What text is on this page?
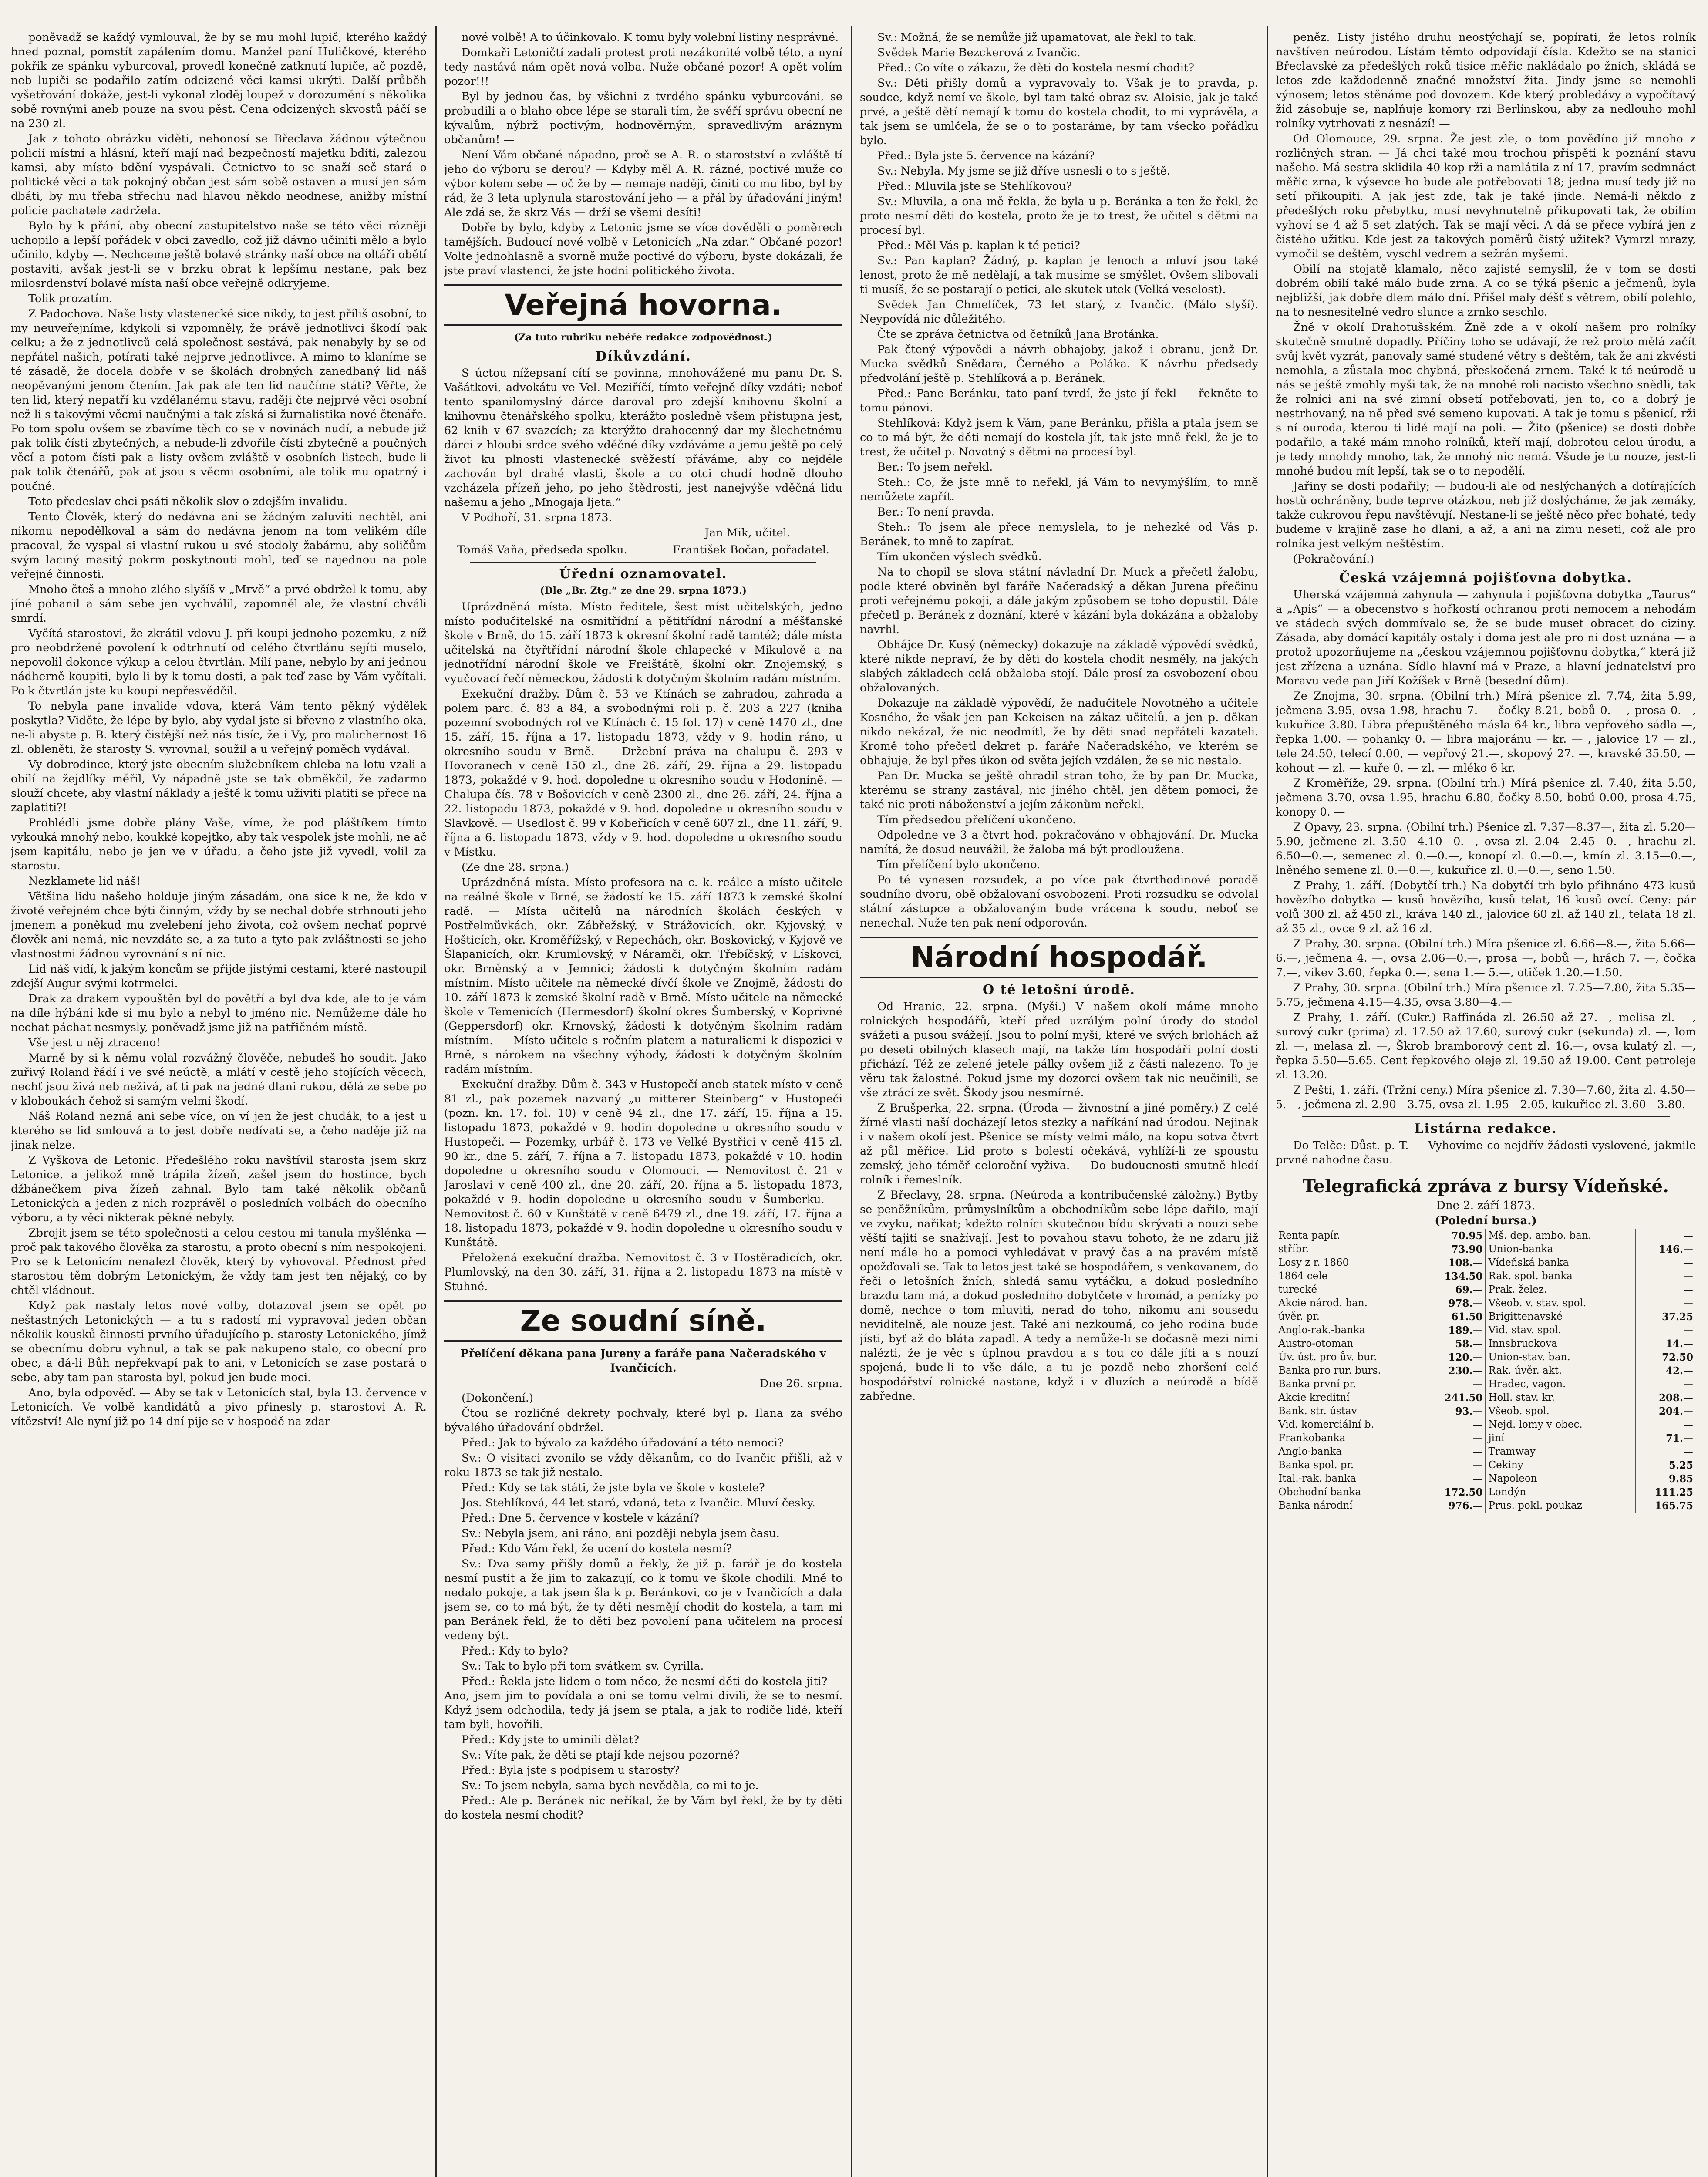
poněvadž se každý vymlouval, že by se mu mohl lupič, kterého každý hned poznal, pomstít zapálením domu. Manžel paní Huličkové, kterého pokřik ze spánku vyburcoval, provedl konečně zatknutí lupiče, ač pozdě, neb lupiči se podařilo zatím odcizené věci kamsi ukrýti. Další průběh vyšetřování dokáže, jest-li vykonal zloděj loupež v dorozumění s několika sobě rovnými aneb pouze na svou pěst. Cena odcizených skvostů páčí se na 230 zl.

Jak z tohoto obrázku viděti, nehonosí se Břeclava žádnou výtečnou policií místní a hlásní, kteří mají nad bezpečností majetku bdíti, zalezou kamsi, aby místo bdění vyspávali. Četnictvo to se snaží seč stará o politické věci a tak pokojný občan jest sám sobě ostaven a musí jen sám dbáti, by mu třeba střechu nad hlavou někdo neodnese, anižby místní policie pachatele zadržela.

Bylo by k přání, aby obecní zastupitelstvo naše se této věci rázněji uchopilo a lepší pořádek v obci zavedlo, což již dávno učiniti mělo a bylo učinilo, kdyby —. Nechceme ještě bolavé stránky naší obce na oltáři obětí postaviti, avšak jest-li se v brzku obrat k lepšímu nestane, pak bez milosrdenství bolavé místa naší obce veřejně odkryjeme.

Tolik prozatím.

Z Padochova. Naše listy vlastenecké sice nikdy, to jest příliš osobní, to my neuveřejníme, kdykoli si vzpomněly, že právě jednotlivci škodí pak celku; a že z jednotlivců celá společnost sestává, pak nenabyly by se od nepřátel našich, potírati také nejprve jednotlivce. A mimo to klaníme se té zásadě, že docela dobře v se školách drobných zanedbaný lid náš neopěvanými jenom čtením. Jak pak ale ten lid naučíme státi? Věřte, že ten lid, který nepatří ku vzdělanému stavu, raději čte nejprvé věci osobní než-li s takovými věcmi naučnými a tak získá si žurnalistika nové čtenáře. Po tom spolu ovšem se zbavíme těch co se v novinách nudí, a nebude již pak tolik čísti zbytečných, a nebude-li zdvořile čísti zbytečně a poučných věcí a potom čísti pak a listy ovšem zvláště v osobních listech, bude-li pak tolik čtenářů, pak ať jsou s věcmi osobními, ale tolik mu opatrný i poučné.

Toto předeslav chci psáti několik slov o zdejším invalidu.

Tento Člověk, který do nedávna ani se žádným zaluviti nechtěl, ani nikomu nepodělkoval a sám do nedávna jenom na tom velikém díle pracoval, že vyspal si vlastní rukou u své stodoly žabárnu, aby soličům svým laciný masitý pokrm poskytnouti mohl, teď se najednou na pole veřejné činnosti.

Mnoho čteš a mnoho zlého slyšíš v „Mrvě“ a prvé obdržel k tomu, aby jíné pohanil a sám sebe jen vychválil, zapomněl ale, že vlastní chváli smrdí.

Vyčítá starostovi, že zkrátil vdovu J. při koupi jednoho pozemku, z níž pro neobdržené povolení k odtrhnutí od celého čtvrtlánu sejíti muselo, nepovolil dokonce výkup a celou čtvrtlán. Milí pane, nebylo by ani jednou nádherně koupiti, bylo-li by k tomu dosti, a pak teď zase by Vám vyčítali. Po k čtvrtlán jste ku koupi nepřesvědčil.

To nebyla pane invalide vdova, která Vám tento pěkný výdělek poskytla? Viděte, že lépe by bylo, aby vydal jste si břevno z vlastního oka, ne-li abyste p. B. který čistější než nás tisíc, že i Vy, pro malichernost 16 zl. obleněti, že starosty S. vyrovnal, soužil a u veřejný poměch vydával.

Vy dobrodince, který jste obecním služebníkem chleba na lotu vzali a obilí na žejdlíky měřil, Vy nápadně jste se tak obměkčil, že zadarmo slouží chcete, aby vlastní náklady a ještě k tomu uživiti platiti se přece na zaplatiti?!

Prohlédli jsme dobře plány Vaše, víme, že pod pláštíkem tímto vykouká mnohý nebo, koukké kopejtko, aby tak vespolek jste mohli, ne ač jsem kapitálu, nebo je jen ve v úřadu, a čeho jste již vyvedl, volil za starostu.

Nezklamete lid náš!

Většina lidu našeho holduje jiným zásadám, ona sice k ne, že kdo v životě veřejném chce býti činným, vždy by se nechal dobře strhnouti jeho jmenem a poněkud mu zvelebení jeho života, což ovšem nechať poprvé člověk ani nemá, nic nevzdáte se, a za tuto a tyto pak zvláštnosti se jeho vlastnostmi žádnou vyrovnání s ní nic.

Lid náš vidí, k jakým koncům se přijde jistými cestami, které nastoupil zdejší Augur svými kotrmelci. —

Drak za drakem vypouštěn byl do povětří a byl dva kde, ale to je vám na díle hýbání kde si mu bylo a nebyl to jméno nic. Nemůžeme dále ho nechat páchat nesmysly, poněvadž jsme již na patřičném místě.

Vše jest u něj ztraceno!

Marně by si k němu volal rozvážný člověče, nebudeš ho soudit. Jako zuřivý Roland řádí i ve své neúctě, a mlátí v cestě jeho stojících věcech, nechť jsou živá neb neživá, ať ti pak na jedné dlani rukou, dělá ze sebe po v kloboukách čehož si samým velmi škodí.

Náš Roland nezná ani sebe více, on ví jen že jest chudák, to a jest u kterého se lid smlouvá a to jest dobře nedívati se, a čeho naděje již na jinak nelze.

Z Vyškova de Letonic. Předešlého roku navštívil starosta jsem skrz Letonice, a jelikož mně trápila žízeň, zašel jsem do hostince, bych džbánečkem piva žízeň zahnal. Bylo tam také několik občanů Letonických a jeden z nich rozprávěl o posledních volbách do obecního výboru, a ty věci nikterak pěkné nebyly.

Zbrojit jsem se této společnosti a celou cestou mi tanula myšlénka — proč pak takového člověka za starostu, a proto obecní s ním nespokojeni. Pro se k Letonicím nenalezl člověk, který by vyhovoval. Přednost před starostou těm dobrým Letonickým, že vždy tam jest ten nějaký, co by chtěl vládnout.

Když pak nastaly letos nové volby, dotazoval jsem se opět po neštastných Letonických — a tu s radostí mi vypravoval jeden občan několik kousků činnosti prvního úřadujícího p. starosty Letonického, jímž se obecnímu dobru vyhnul, a tak se pak nakupeno stalo, co obecní pro obec, a dá-li Bůh nepřekvapí pak to ani, v Letonicích se zase postará o sebe, aby tam pan starosta byl, pokud jen bude moci.

Ano, byla odpověď. — Aby se tak v Letonicích stal, byla 13. července v Letonicích. Ve volbě kandidátů a pivo přinesly p. starostovi A. R. vítězství! Ale nyní již po 14 dní pije se v hospodě na zdar

nové volbě! A to účinkovalo. K tomu byly volební listiny nesprávné.

Domkaři Letoničtí zadali protest proti nezákonité volbě této, a nyní tedy nastává nám opět nová volba. Nuže občané pozor! A opět volím pozor!!!

Byl by jednou čas, by všichni z tvrdého spánku vyburcováni, se probudili a o blaho obce lépe se starali tím, že svěří správu obecní ne kývalům, nýbrž poctivým, hodnověrným, spravedlivým aráznym občanům! —

Není Vám občané nápadno, proč se A. R. o starostství a zvláště tí jeho do výboru se derou? — Kdyby měl A. R. rázné, poctivé muže co výbor kolem sebe — oč že by — nemaje naději, činiti co mu libo, byl by rád, že 3 leta uplynula starostování jeho — a přál by úřadování jiným! Ale zdá se, že skrz Vás — drží se všemi desíti!

Dobře by bylo, kdyby z Letonic jsme se více dověděli o poměrech tamějších. Budoucí nové volbě v Letonicích „Na zdar.“ Občané pozor! Volte jednohlasně a svorně muže poctivé do výboru, byste dokázali, že jste praví vlastenci, že jste hodni politického života.

Veřejná hovorna.
(Za tuto rubriku nebéře redakce zodpovědnost.)
Díkůvzdání.

S úctou nížepsaní cítí se povinna, mnohovážené mu panu Dr. S. Vašátkovi, advokátu ve Vel. Meziříčí, tímto veřejně díky vzdáti; neboť tento spanilomyslný dárce daroval pro zdejší knihovnu školní a knihovnu čtenářského spolku, kterážto posledně všem přístupna jest, 62 knih v 67 svazcích; za kterýžto drahocenný dar my šlechetnému dárci z hloubi srdce svého vděčné díky vzdáváme a jemu ještě po celý život ku plnosti vlastenecké svěžestí přáváme, aby co nejdéle zachován byl drahé vlasti, škole a co otci chudí hodně dlouho vzcházela přízeň jeho, po jeho štědrosti, jest nanejvýše vděčná lidu našemu a jeho „Mnogaja ljeta.“

V Podhoří, 31. srpna 1873.

Jan Mik, učitel.
Tomáš Vaňa, předseda spolku.	František Bočan, pořadatel.
Úřední oznamovatel.
(Dle „Br. Ztg.“ ze dne 29. srpna 1873.)

Uprázdněná místa. Místo ředitele, šest míst učitelských, jedno místo podučitelské na osmitřídní a pětitřídní národní a měšťanské škole v Brně, do 15. září 1873 k okresní školní radě tamtéž; dále místa učitelská na čtyřtřídní národní škole chlapecké v Mikulově a na jednotřídní národní škole ve Freištátě, školní okr. Znojemský, s vyučovací řečí německou, žádosti k dotyčným školním radám místním.

Exekuční dražby. Dům č. 53 ve Ktínách se zahradou, zahrada a polem parc. č. 83 a 84, a svobodnými roli p. č. 203 a 227 (kniha pozemní svobodných rol ve Ktínách č. 15 fol. 17) v ceně 1470 zl., dne 15. září, 15. října a 17. listopadu 1873, vždy v 9. hodin ráno, u okresního soudu v Brně. — Držební práva na chalupu č. 293 v Hovoranech v ceně 150 zl., dne 26. září, 29. října a 29. listopadu 1873, pokaždé v 9. hod. dopoledne u okresního soudu v Hodoníně. — Chalupa čís. 78 v Bošovicích v ceně 2300 zl., dne 26. září, 24. října a 22. listopadu 1873, pokaždé v 9. hod. dopoledne u okresního soudu v Slavkově. — Usedlost č. 99 v Kobeřicích v ceně 607 zl., dne 11. září, 9. října a 6. listopadu 1873, vždy v 9. hod. dopoledne u okresního soudu v Místku.

(Ze dne 28. srpna.)

Uprázdněná místa. Místo profesora na c. k. reálce a místo učitele na reálné škole v Brně, se žádostí ke 15. září 1873 k zemské školní radě. — Místa učitelů na národních školách českých v Postřelmůvkách, okr. Zábřežský, v Strážovicích, okr. Kyjovský, v Hošticích, okr. Kroměřížský, v Repechách, okr. Boskovický, v Kyjově ve Šlapanicích, okr. Krumlovský, v Náramči, okr. Třebíčský, v Lískovci, okr. Brněnský a v Jemnici; žádosti k dotyčným školním radám místním. Místo učitele na německé dívčí škole ve Znojmě, žádosti do 10. září 1873 k zemské školní radě v Brně. Místo učitele na německé škole v Temenicích (Hermesdorf) školní okres Šumberský, v Koprivné (Geppersdorf) okr. Krnovský, žádosti k dotyčným školním radám místním. — Místo učitele s ročním platem a naturaliemi k dispozici v Brně, s nárokem na všechny výhody, žádosti k dotyčným školním radám místním.

Exekuční dražby. Dům č. 343 v Hustopečí aneb statek místo v ceně 81 zl., pak pozemek nazvaný „u mitterer Steinberg“ v Hustopeči (pozn. kn. 17. fol. 10) v ceně 94 zl., dne 17. září, 15. října a 15. listopadu 1873, pokaždé v 9. hodin dopoledne u okresního soudu v Hustopeči. — Pozemky, urbář č. 173 ve Velké Bystřici v ceně 415 zl. 90 kr., dne 5. září, 7. října a 7. listopadu 1873, pokaždé v 10. hodin dopoledne u okresního soudu v Olomouci. — Nemovitost č. 21 v Jaroslavi v ceně 400 zl., dne 20. září, 20. října a 5. listopadu 1873, pokaždé v 9. hodin dopoledne u okresního soudu v Šumberku. — Nemovitost č. 60 v Kunštátě v ceně 6479 zl., dne 19. září, 17. října a 18. listopadu 1873, pokaždé v 9. hodin dopoledne u okresního soudu v Kunštátě.

Přeložená exekuční dražba. Nemovitost č. 3 v Hostěradicích, okr. Plumlovský, na den 30. září, 31. října a 2. listopadu 1873 na místě v Stuhné.

Ze soudní síně.
Přelíčení děkana pana Jureny a faráře pana Načeradského v Ivančicích.
Dne 26. srpna.

(Dokončení.)

Čtou se rozličné dekrety pochvaly, které byl p. Ilana za svého bývalého úřadování obdržel.

Před.: Jak to bývalo za každého úřadování a této nemoci?

Sv.: O visitaci zvonilo se vždy děkanům, co do Ivančic přišli, až v roku 1873 se tak již nestalo.

Před.: Kdy se tak státi, že jste byla ve škole v kostele?

Jos. Stehlíková, 44 let stará, vdaná, teta z Ivančic. Mluví česky.

Před.: Dne 5. července v kostele v kázání?

Sv.: Nebyla jsem, ani ráno, ani později nebyla jsem času.

Před.: Kdo Vám řekl, že ucení do kostela nesmí?

Sv.: Dva samy přišly domů a řekly, že již p. farář je do kostela nesmí pustit a že jim to zakazují, co k tomu ve škole chodili. Mně to nedalo pokoje, a tak jsem šla k p. Beránkovi, co je v Ivančicích a dala jsem se, co to má být, že ty děti nesmějí chodit do kostela, a tam mi pan Beránek řekl, že to děti bez povolení pana učitelem na procesí vedeny být.

Před.: Kdy to bylo?

Sv.: Tak to bylo při tom svátkem sv. Cyrilla.

Před.: Řekla jste lidem o tom něco, že nesmí děti do kostela jiti? — Ano, jsem jim to povídala a oni se tomu velmi divili, že se to nesmí. Když jsem odchodila, tedy já jsem se ptala, a jak to rodiče lidé, kteří tam byli, hovořili.

Před.: Kdy jste to uminili dělat?

Sv.: Víte pak, že děti se ptají kde nejsou pozorné?

Před.: Byla jste s podpisem u starosty?

Sv.: To jsem nebyla, sama bych nevěděla, co mi to je.

Před.: Ale p. Beránek nic neříkal, že by Vám byl řekl, že by ty děti do kostela nesmí chodit?

Sv.: Možná, že se nemůže již upamatovat, ale řekl to tak.

Svědek Marie Bezckerová z Ivančic.

Před.: Co víte o zákazu, že děti do kostela nesmí chodit?

Sv.: Děti přišly domů a vypravovaly to. Však je to pravda, p. soudce, když nemí ve škole, byl tam také obraz sv. Aloisie, jak je také prvé, a ještě dětí nemají k tomu do kostela chodit, to mi vyprávěla, a tak jsem se umlčela, že se o to postaráme, by tam všecko pořádku bylo.

Před.: Byla jste 5. července na kázání?

Sv.: Nebyla. My jsme se již dříve usnesli o to s ještě.

Před.: Mluvila jste se Stehlíkovou?

Sv.: Mluvila, a ona mě řekla, že byla u p. Beránka a ten že řekl, že proto nesmí děti do kostela, proto že je to trest, že učitel s dětmi na procesí byl.

Před.: Měl Vás p. kaplan k té petici?

Sv.: Pan kaplan? Žádný, p. kaplan je lenoch a mluví jsou také lenost, proto že mě nedělají, a tak musíme se smýšlet. Ovšem slibovali ti musíš, že se postarají o petici, ale skutek utek (Velká veselost).

Svědek Jan Chmelíček, 73 let starý, z Ivančic. (Málo slyší). Neypovídá nic důležitého.

Čte se zpráva četnictva od četníků Jana Brotánka.

Pak čtený výpovědi a návrh obhajoby, jakož i obranu, jenž Dr. Mucka svědků Snědara, Černého a Poláka. K návrhu předsedy předvolání ještě p. Stehlíková a p. Beránek.

Před.: Pane Beránku, tato paní tvrdí, že jste jí řekl — řekněte to tomu pánovi.

Stehlíková: Když jsem k Vám, pane Beránku, přišla a ptala jsem se co to má být, že děti nemají do kostela jít, tak jste mně řekl, že je to trest, že učitel p. Novotný s dětmi na procesí byl.

Ber.: To jsem neřekl.

Steh.: Co, že jste mně to neřekl, já Vám to nevymýšlím, to mně nemůžete zapřít.

Ber.: To není pravda.

Steh.: To jsem ale přece nemyslela, to je nehezké od Vás p. Beránek, to mně to zapírat.

Tím ukončen výslech svědků.

Na to chopil se slova státní návladní Dr. Muck a přečetl žalobu, podle které obviněn byl faráře Načeradský a děkan Jurena přečinu proti veřejnému pokoji, a dále jakým způsobem se toho dopustil. Dále přečetl p. Beránek z doznání, které v kázání byla dokázána a obžaloby navrhl.

Obhájce Dr. Kusý (německy) dokazuje na základě výpovědí svědků, které nikde nepraví, že by děti do kostela chodit nesměly, na jakých slabých základech celá obžaloba stojí. Dále prosí za osvobození obou obžalovaných.

Dokazuje na základě výpovědí, že nadučitele Novotného a učitele Kosného, že však jen pan Kekeisen na zákaz učitelů, a jen p. děkan nikdo nekázal, že nic neodmítl, že by děti snad nepřáteli kazateli. Kromě toho přečetl dekret p. faráře Načeradského, ve kterém se obhajuje, že byl přes úkon od světa jejích vzdálen, že se nic nestalo.

Pan Dr. Mucka se ještě ohradil stran toho, že by pan Dr. Mucka, kterému se strany zastával, nic jiného chtěl, jen dětem pomoci, že také nic proti náboženství a jejím zákonům neřekl.

Tím předsedou přelíčení ukončeno.

Odpoledne ve 3 a čtvrt hod. pokračováno v obhajování. Dr. Mucka namítá, že dosud neuvážil, že žaloba má být prodloužena.

Tím přelíčení bylo ukončeno.

Po té vynesen rozsudek, a po více pak čtvrthodinové poradě soudního dvoru, obě obžalovaní osvobozeni. Proti rozsudku se odvolal státní zástupce a obžalovaným bude vrácena k soudu, neboť se nenechal. Nuže ten pak není odporován.

Národní hospodář.
O té letošní úrodě.

Od Hranic, 22. srpna. (Myši.) V našem okolí máme mnoho rolnických hospodářů, kteří před uzrálým polní úrody do stodol svážeti a pusou svážejí. Jsou to polní myši, které ve svých brlohách až po deseti obilných klasech mají, na takže tím hospodáři polní dosti přichází. Též ze zelené jetele pálky ovšem již z části nalezeno. To je věru tak žalostné. Pokud jsme my dozorci ovšem tak nic neučinili, se vše ztrácí ze svět. Škody jsou nesmírné.

Z Brušperka, 22. srpna. (Úroda — živnostní a jiné poměry.) Z celé žírné vlasti naší docházejí letos stezky a naříkání nad úrodou. Nejinak i v našem okolí jest. Pšenice se místy velmi málo, na kopu sotva čtvrt až půl měřice. Lid proto s bolestí očekává, vyhlíží-li ze spoustu zemský, jeho téměř celoroční vyživa. — Do budoucnosti smutně hledí rolník i řemeslník.

Z Břeclavy, 28. srpna. (Neúroda a kontribučenské záložny.) Bytby se peněžníkům, průmyslníkům a obchodníkům sebe lépe dařilo, mají ve zvyku, nařikat; kdežto rolníci skutečnou bídu skrývati a nouzi sebe věští tajiti se snažívají. Jest to povahou stavu tohoto, že ne zdaru již není mále ho a pomoci vyhledávat v pravý čas a na pravém místě opožďovali se. Tak to letos jest také se hospodářem, s venkovanem, do řeči o letošních žních, shledá samu vytáčku, a dokud posledního brazdu tam má, a dokud posledního dobytčete v hromád, a penízky po domě, nechce o tom mluviti, nerad do toho, nikomu ani sousedu neviditelně, ale nouze jest. Také ani nezkoumá, co jeho rodina bude jísti, byť až do bláta zapadl. A tedy a nemůže-li se dočasně mezi nimi nalézti, že je věc s úplnou pravdou a s tou co dále jíti a s nouzí spojená, bude-li to vše dále, a tu je pozdě nebo zhoršení celé hospodářství rolnické nastane, když i v dluzích a neúrodě a bídě zabředne.

peněz. Listy jistého druhu neostýchají se, popírati, že letos rolník navštíven neúrodou. Lístám těmto odpovídají čísla. Kdežto se na stanici Břeclavské za předešlých roků tisíce měřic nakládalo po žních, skládá se letos zde každodenně značné množství žita. Jindy jsme se nemohli výnosem; letos stěnáme pod dovozem. Kde který probledávy a vypočítavý žid zásobuje se, naplňuje komory rzi Berlínskou, aby za nedlouho mohl rolníky vytrhovati z nesnází! —

Od Olomouce, 29. srpna. Že jest zle, o tom povědíno již mnoho z rozličných stran. — Já chci také mou trochou přispěti k poznání stavu našeho. Má sestra sklidila 40 kop rži a namlátila z ní 17, pravím sedmnáct měřic zrna, k výsevce ho bude ale potřebovati 18; jedna musí tedy již na setí přikoupiti. A jak jest zde, tak je také jinde. Nemá-li někdo z předešlých roku přebytku, musí nevyhnutelně přikupovati tak, že obilím vyhoví se 4 až 5 set zlatých. Tak se mají věci. A dá se přece vybírá jen z čistého užitku. Kde jest za takových poměrů čistý užitek? Vymrzl mrazy, vymočil se deštěm, vyschl vedrem a sežrán myšemi.

Obilí na stojatě klamalo, něco zajisté semyslil, že v tom se dosti dobrém obilí také málo bude zrna. A co se týká pšenic a ječmenů, byla nejbližší, jak dobře dlem málo dní. Přišel maly déšť s větrem, obilí polehlo, na to nesnesitelné vedro slunce a zrnko seschlo.

Žně v okolí Drahotušském. Žně zde a v okolí našem pro rolníky skutečně smutně dopadly. Příčiny toho se udávají, že rež proto mělá začít svůj květ vyzrát, panovaly samé studené větry s deštěm, tak že ani zkvésti nemohla, a zůstala moc chybná, přeskočená zrnem. Také k té neúrodě u nás se ještě zmohly myši tak, že na mnohé roli nacisto všechno snědli, tak že rolníci ani na své zimní obsetí potřebovati, jen to, co a dobrý je nestrhovaný, na ně před své semeno kupovati. A tak je tomu s pšenicí, rži s ní ouroda, kterou ti lidé mají na poli. — Žito (pšenice) se dosti dobře podařilo, a také mám mnoho rolníků, kteří mají, dobrotou celou úrodu, a je tedy mnohdy mnoho, tak, že mnohý nic nemá. Všude je tu nouze, jest-li mnohé budou mít lepší, tak se o to nepodělí.

Jařiny se dosti podařily; — budou-li ale od neslýchaných a dotírajících hostů ochráněny, bude teprve otázkou, neb již doslýcháme, že jak zemáky, takže cukrovou řepu navštěvují. Nestane-li se ještě něco přec bohaté, tedy budeme v krajině zase ho dlani, a až, a ani na zimu neseti, což ale pro rolníka jest velkým neštěstím.

(Pokračování.)

Česká vzájemná pojišťovna dobytka.

Uherská vzájemná zahynula — zahynula i pojišťovna dobytka „Taurus“ a „Apis“ — a obecenstvo s hořkostí ochranou proti nemocem a nehodám ve stádech svých dommívalo se, že se bude muset obracet do ciziny. Zásada, aby domácí kapitály ostaly i doma jest ale pro ni dost uznána — a protož upozorňujeme na „českou vzájemnou pojišťovnu dobytka,“ která již jest zřízena a uznána. Sídlo hlavní má v Praze, a hlavní jednatelství pro Moravu vede pan Jiří Kožíšek v Brně (besední dům).

Ze Znojma, 30. srpna. (Obilní trh.) Mírá pšenice zl. 7.74, žita 5.99, ječmena 3.95, ovsa 1.98, hrachu 7. — čočky 8.21, bobů 0. —, prosa 0.—, kukuřice 3.80. Libra přepuštěného másla 64 kr., libra vepřového sádla —, řepka 1.00. — pohanky 0. — libra majoránu — kr. — , jalovice 17 — zl., tele 24.50, telecí 0.00, — vepřový 21.—, skopový 27. —, kravské 35.50, — kohout — zl. — kuře 0. — zl. — mléko 6 kr.

Z Kroměříže, 29. srpna. (Obilní trh.) Mírá pšenice zl. 7.40, žita 5.50, ječmena 3.70, ovsa 1.95, hrachu 6.80, čočky 8.50, bobů 0.00, prosa 4.75, konopy 0. —

Z Opavy, 23. srpna. (Obilní trh.) Pšenice zl. 7.37—8.37—, žita zl. 5.20—5.90, ječmene zl. 3.50—4.10—0.—, ovsa zl. 2.04—2.45—0.—, hrachu zl. 6.50—0.—, semenec zl. 0.—0.—, konopí zl. 0.—0.—, kmín zl. 3.15—0.—, lněného semene zl. 0.—0.—, kukuřice zl. 0.—0.—, seno 1.50.

Z Prahy, 1. září. (Dobytčí trh.) Na dobytčí trh bylo přihnáno 473 kusů hovězího dobytka — kusů hovězího, kusů telat, 16 kusů ovcí. Ceny: pár volů 300 zl. až 450 zl., kráva 140 zl., jalovice 60 zl. až 140 zl., telata 18 zl. až 35 zl., ovce 9 zl. až 16 zl.

Z Prahy, 30. srpna. (Obilní trh.) Míra pšenice zl. 6.66—8.—, žita 5.66—6.—, ječmena 4. —, ovsa 2.06—0.—, prosa —, bobů —, hrách 7. —, čočka 7.—, vikev 3.60, řepka 0.—, sena 1.— 5.—, otiček 1.20.—1.50.

Z Prahy, 30. srpna. (Obilní trh.) Míra pšenice zl. 7.25—7.80, žita 5.35—5.75, ječmena 4.15—4.35, ovsa 3.80—4.—

Z Prahy, 1. září. (Cukr.) Raffináda zl. 26.50 až 27.—, melisa zl. —, surový cukr (prima) zl. 17.50 až 17.60, surový cukr (sekunda) zl. —, lom zl. —, melasa zl. —, Škrob bramborový cent zl. 16.—, ovsa kulatý zl. —, řepka 5.50—5.65. Cent řepkového oleje zl. 19.50 až 19.00. Cent petroleje zl. 13.20.

Z Peští, 1. září. (Tržní ceny.) Míra pšenice zl. 7.30—7.60, žita zl. 4.50—5.—, ječmena zl. 2.90—3.75, ovsa zl. 1.95—2.05, kukuřice zl. 3.60—3.80.

Listárna redakce.

Do Telče: Důst. p. T. — Vyhovíme co nejdřív žádosti vyslovené, jakmile prvně nahodne času.

Telegrafická zpráva z bursy Vídeňské.
Dne 2. září 1873.
(Polední bursa.)
Renta papír.	70.95	Mš. dep. ambo. ban.	—
stříbr.	73.90	Union-banka	146.—
Losy z r. 1860	108.—	Vídeňská banka	—
1864 cele	134.50	Rak. spol. banka	—
turecké	69.—	Prak. želez.	—
Akcie národ. ban.	978.—	Všeob. v. stav. spol.	—
úvěr. pr.	61.50	Brigittenavské	37.25
Anglo-rak.-banka	189.—	Vid. stav. spol.	—
Austro-otoman	58.—	Innsbruckova	14.—
Úv. úst. pro ův. bur.	120.—	Union-stav. ban.	72.50
Banka pro rur. burs.	230.—	Rak. úvěr. akt.	42.—
Banka první pr.	—	Hradec, vagon.	—
Akcie kreditní	241.50	Holl. stav. kr.	208.—
Bank. str. ústav	93.—	Všeob. spol.	204.—
Vid. komerciální b.	—	Nejd. lomy v obec.	—
Frankobanka	—	jiní	71.—
Anglo-banka	—	Tramway	—
Banka spol. pr.	—	Cekiny	5.25
Ital.-rak. banka	—	Napoleon	9.85
Obchodní banka	172.50	Londýn	111.25
Banka národní	976.—	Prus. pokl. poukaz	165.75
